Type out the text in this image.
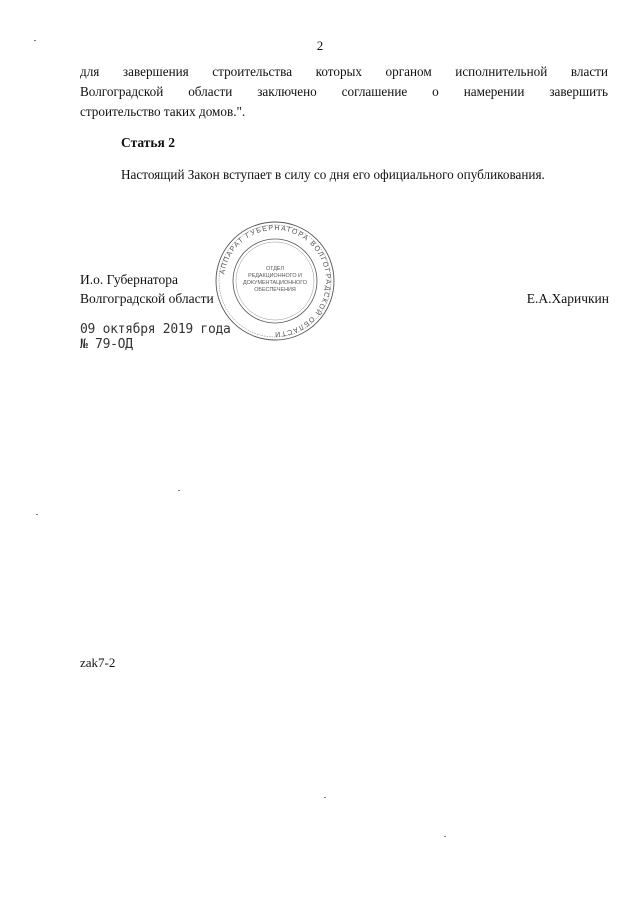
2
для завершения строительства которых органом исполнительной власти
Волгоградской области заключено соглашение о намерении завершить
строительство таких домов.".
Статья 2
Настоящий Закон вступает в силу со дня его официального опубликования.
И.о. Губернатора
Волгоградской области	Е.А.Харичкин
09 октября 2019 года
№ 79-ОД
АППАРАТ ГУБЕРНАТОРА ВОЛГОГРАДСКОЙ ОБЛАСТИ
ОТДЕЛ
РЕДАКЦИОННОГО И
ДОКУМЕНТАЦИОННОГО
ОБЕСПЕЧЕНИЯ
zak7-2
